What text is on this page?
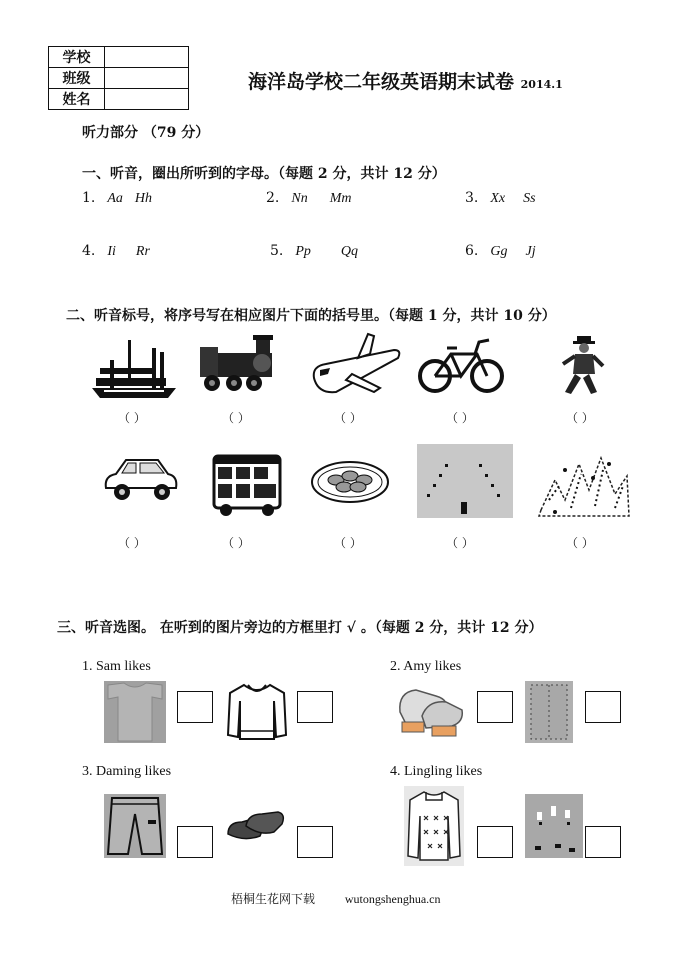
学校	
班级	
姓名	
海洋岛学校二年级英语期末试卷 2014.1
听力部分 （79 分）
一、听音，圈出所听到的字母。（每题 2 分，共计 12 分）
1. Aa Hh	2. Nn Mm	3. Xx Ss
4. Ii Rr	5. Pp Qq	6. Gg Jj
二、听音标号，将序号写在相应图片下面的括号里。（每题 1 分，共计 10 分）
（ ）	（ ）	（ ）	（ ）	（ ）
（ ）	（ ）	（ ）	（ ）	（ ）
三、听音选图。 在听到的图片旁边的方框里打 √ 。（每题 2 分，共计 12 分）
1. Sam likes	2. Amy likes
3. Daming likes	4. Lingling likes
梧桐生花网下载 wutongshenghua.cn
